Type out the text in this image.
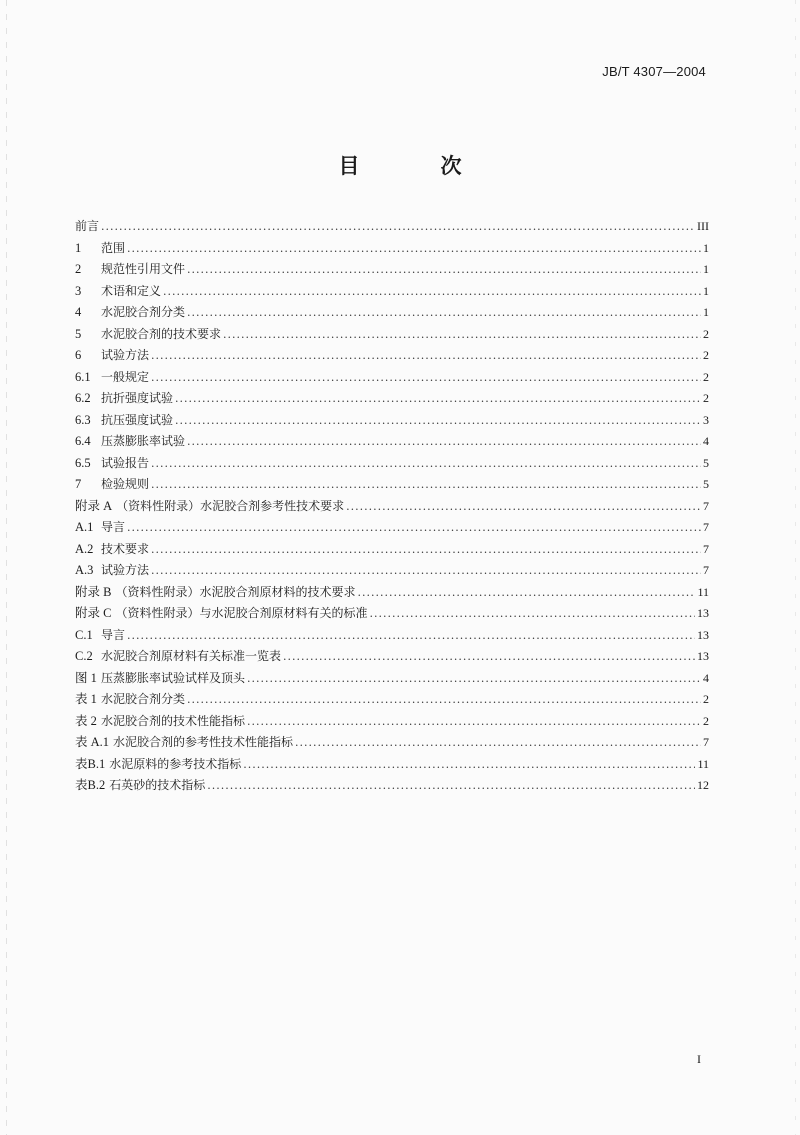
JB/T 4307—2004
目　次
前言 .....	III
1	范围 .....	1
2	规范性引用文件 .....	1
3	术语和定义 .....	1
4	水泥胶合剂分类 .....	1
5	水泥胶合剂的技术要求 .....	2
6	试验方法 .....	2
6.1 一般规定 .....	2
6.2 抗折强度试验 .....	2
6.3 抗压强度试验 .....	3
6.4 压蒸膨胀率试验 .....	4
6.5 试验报告 .....	5
7	检验规则 .....	5
附录 A （资料性附录）水泥胶合剂参考性技术要求 .....	7
A.1 导言 .....	7
A.2 技术要求 .....	7
A.3 试验方法 .....	7
附录 B （资料性附录）水泥胶合剂原材料的技术要求 .....	11
附录 C （资料性附录）与水泥胶合剂原材料有关的标准 .....	13
C.1 导言 .....	13
C.2 水泥胶合剂原材料有关标准一览表 .....	13
图 1 压蒸膨胀率试验试样及顶头 .....	4
表 1 水泥胶合剂分类 .....	2
表 2 水泥胶合剂的技术性能指标 .....	2
表 A.1 水泥胶合剂的参考性技术性能指标 .....	7
表B.1 水泥原料的参考技术指标 .....	11
表B.2 石英砂的技术指标 .....	12
I
